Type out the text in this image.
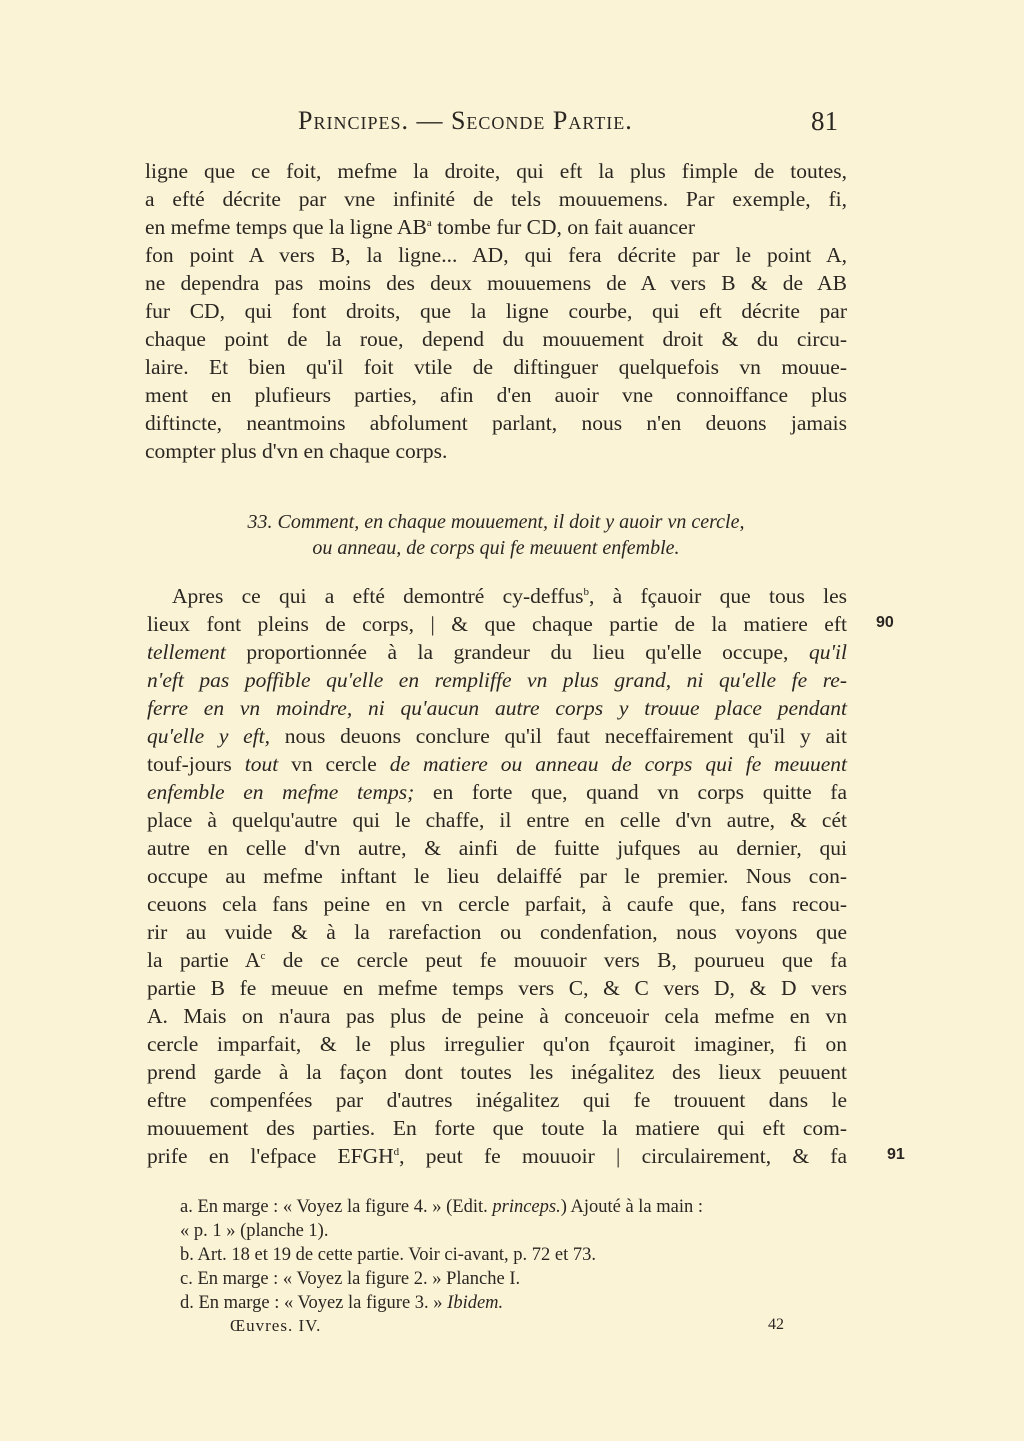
Principes. — Seconde Partie.	81
ligne que ce foit, mefme la droite, qui eft la plus fimple de toutes,
a efté décrite par vne infinité de tels mouuemens. Par exemple, fi,
en mefme temps que la ligne $AB^a$ tombe fur CD, on fait auancer
fon point A vers B, la ligne... AD, qui fera décrite par le point A,
ne dependra pas moins des deux mouuemens de A vers B & de AB
fur CD, qui font droits, que la ligne courbe, qui eft décrite par
chaque point de la roue, depend du mouuement droit & du circu-
laire. Et bien qu'il foit vtile de diftinguer quelquefois vn mouue-
ment en plufieurs parties, afin d'en auoir vne connoiffance plus
diftincte, neantmoins abfolument parlant, nous n'en deuons jamais
compter plus d'vn en chaque corps.
33. Comment, en chaque mouuement, il doit y auoir vn cercle,
ou anneau, de corps qui fe meuuent enfemble.
Apres ce qui a efté demontré cy-deffus$^b$, à fçauoir que tous les
lieux font pleins de corps, | & que chaque partie de la matiere eft
tellement proportionnée à la grandeur du lieu qu'elle occupe, qu'il
n'eft pas poffible qu'elle en rempliffe vn plus grand, ni qu'elle fe re-
ferre en vn moindre, ni qu'aucun autre corps y trouue place pendant
qu'elle y eft, nous deuons conclure qu'il faut neceffairement qu'il y ait
touf-jours tout vn cercle de matiere ou anneau de corps qui fe meuuent
enfemble en mefme temps; en forte que, quand vn corps quitte fa
place à quelqu'autre qui le chaffe, il entre en celle d'vn autre, & cét
autre en celle d'vn autre, & ainfi de fuitte jufques au dernier, qui
occupe au mefme inftant le lieu delaiffé par le premier. Nous con-
ceuons cela fans peine en vn cercle parfait, à caufe que, fans recou-
rir au vuide & à la rarefaction ou condenfation, nous voyons que
la partie $A^c$ de ce cercle peut fe mouuoir vers B, pourueu que fa
partie B fe meuue en mefme temps vers C, & C vers D, & D vers
A. Mais on n'aura pas plus de peine à conceuoir cela mefme en vn
cercle imparfait, & le plus irregulier qu'on fçauroit imaginer, fi on
prend garde à la façon dont toutes les inégalitez des lieux peuuent
eftre compenfées par d'autres inégalitez qui fe trouuent dans le
mouuement des parties. En forte que toute la matiere qui eft com-
prife en l'efpace EFGH$^d$, peut fe mouuoir | circulairement, & fa
90
91
a. En marge : « Voyez la figure 4. » (Edit. princeps.) Ajouté à la main :
« p. 1 » (planche 1).
b. Art. 18 et 19 de cette partie. Voir ci-avant, p. 72 et 73.
c. En marge : « Voyez la figure 2. » Planche I.
d. En marge : « Voyez la figure 3. » Ibidem.
Œuvres. IV.	42
